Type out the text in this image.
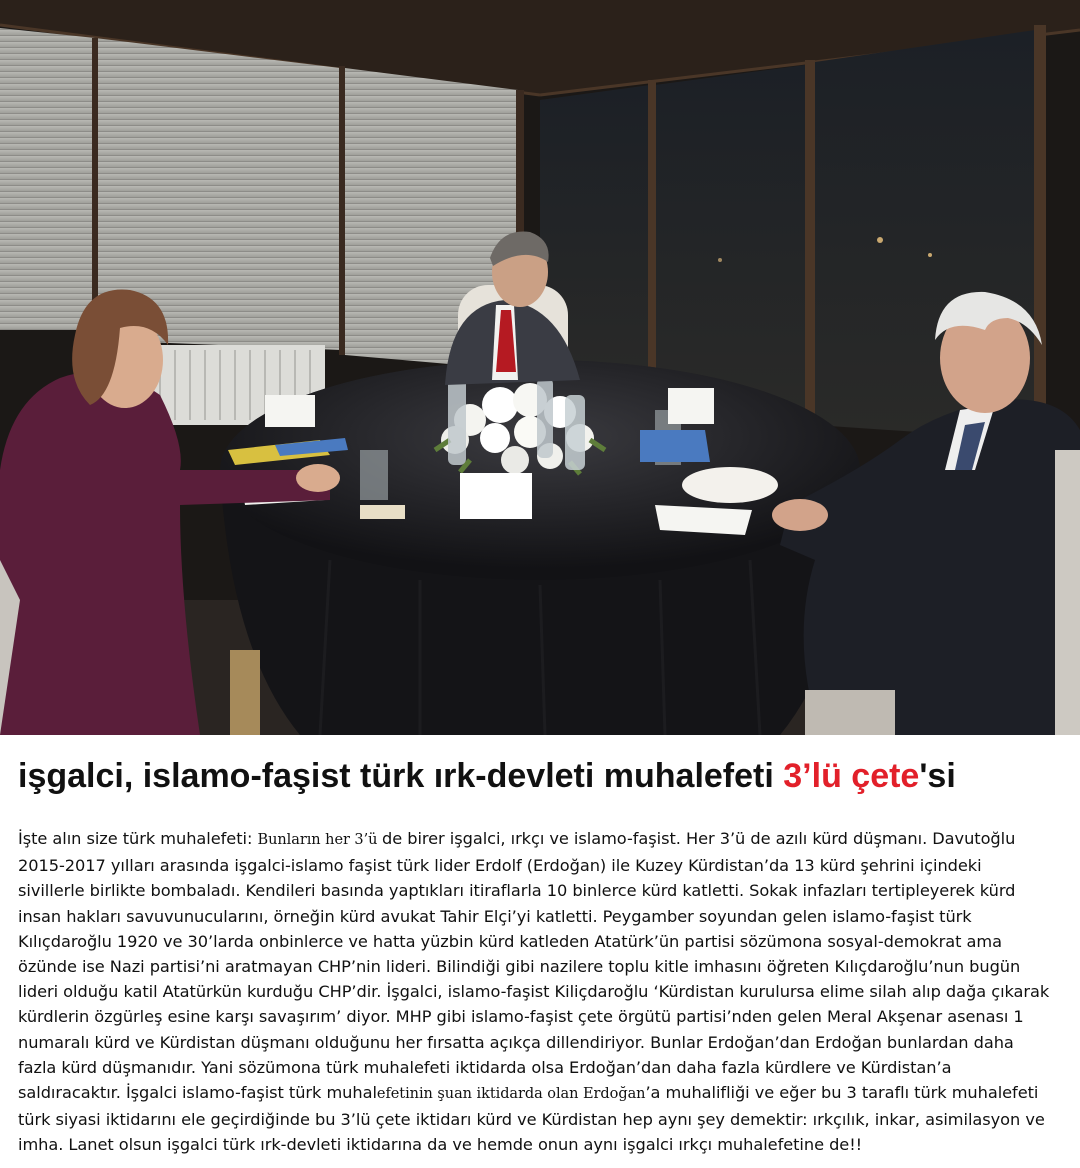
işgalci, islamo-faşist türk ırk-devleti muhalefeti 3’lü çete'si
İşte alın size türk muhalefeti: Bunların her 3’ü de birer işgalci, ırkçı ve islamo-faşist. Her 3’ü de azılı kürd düşmanı. Davutoğlu
2015-2017 yılları arasında işgalci-islamo faşist türk lider Erdolf (Erdoğan) ile Kuzey Kürdistan’da 13 kürd şehrini içindeki
sivillerle birlikte bombaladı. Kendileri basında yaptıkları itiraflarla 10 binlerce kürd katletti. Sokak infazları tertipleyerek kürd
insan hakları savuvunucularını, örneğin kürd avukat Tahir Elçi’yi katletti. Peygamber soyundan gelen islamo-faşist türk
Kılıçdaroğlu 1920 ve 30’larda onbinlerce ve hatta yüzbin kürd katleden Atatürk’ün partisi sözümona sosyal-demokrat ama
özünde ise Nazi partisi’ni aratmayan CHP’nin lideri. Bilindiği gibi nazilere toplu kitle imhasını öğreten Kılıçdaroğlu’nun bugün
lideri olduğu katil Atatürkün kurduğu CHP’dir. İşgalci, islamo-faşist Kiliçdaroğlu ‘Kürdistan kurulursa elime silah alıp dağa çıkarak
kürdlerin özgürleş esine karşı savaşırım’ diyor. MHP gibi islamo-faşist çete örgütü partisi’nden gelen Meral Akşenar asenası 1
numaralı kürd ve Kürdistan düşmanı olduğunu her fırsatta açıkça dillendiriyor. Bunlar Erdoğan’dan Erdoğan bunlardan daha
fazla kürd düşmanıdır. Yani sözümona türk muhalefeti iktidarda olsa Erdoğan’dan daha fazla kürdlere ve Kürdistan’a
saldıracaktır. İşgalci islamo-faşist türk muhalefetinin şuan iktidarda olan Erdoğan’a muhalifliği ve eğer bu 3 taraflı türk muhalefeti
türk siyasi iktidarını ele geçirdiğinde bu 3’lü çete iktidarı kürd ve Kürdistan hep aynı şey demektir: ırkçılık, inkar, asimilasyon ve
imha. Lanet olsun işgalci türk ırk-devleti iktidarına da ve hemde onun aynı işgalci ırkçı muhalefetine de!!
